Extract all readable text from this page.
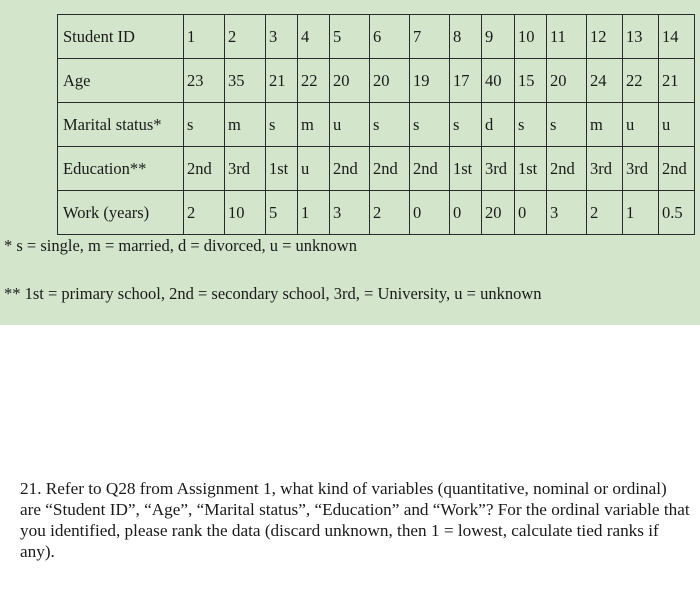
Student ID	1	2	3	4	5	6	7	8	9	10	11	12	13	14
Age	23	35	21	22	20	20	19	17	40	15	20	24	22	21
Marital status*	s	m	s	m	u	s	s	s	d	s	s	m	u	u
Education**	2nd	3rd	1st	u	2nd	2nd	2nd	1st	3rd	1st	2nd	3rd	3rd	2nd
Work (years)	2	10	5	1	3	2	0	0	20	0	3	2	1	0.5
* s = single, m = married, d = divorced, u = unknown
** 1st = primary school, 2nd = secondary school, 3rd, = University, u = unknown
21. Refer to Q28 from Assignment 1, what kind of variables (quantitative, nominal or ordinal) are “Student ID”, “Age”, “Marital status”, “Education” and “Work”? For the ordinal variable that you identified, please rank the data (discard unknown, then 1 = lowest, calculate tied ranks if any).
